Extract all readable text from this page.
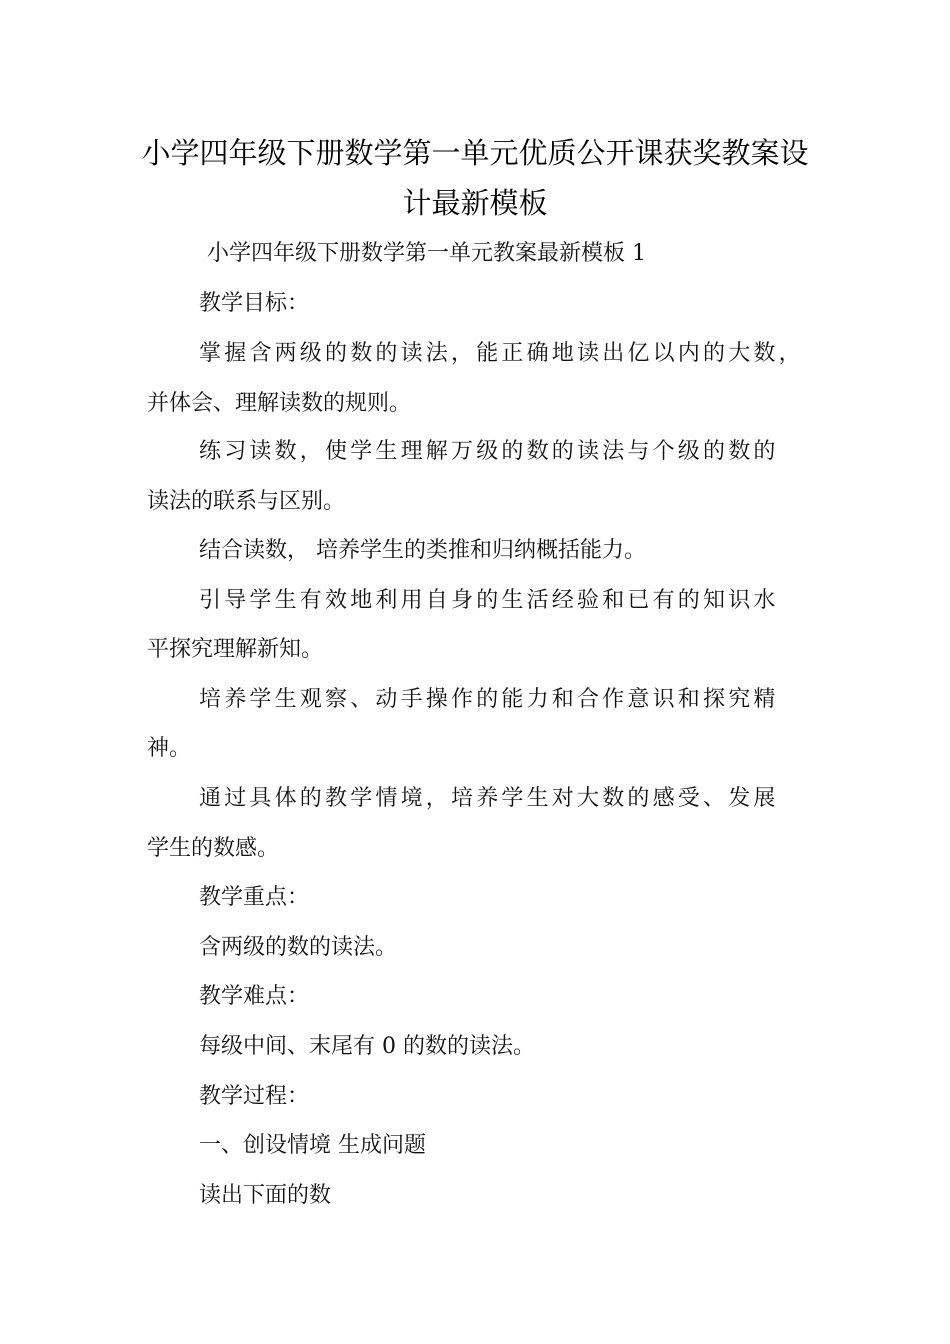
小学四年级下册数学第一单元优质公开课获奖教案设
计最新模板
小学四年级下册数学第一单元教案最新模板 1
教学目标：
掌握含两级的数的读法，能正确地读出亿以内的大数，
并体会、理解读数的规则。
练习读数，使学生理解万级的数的读法与个级的数的
读法的联系与区别。
结合读数， 培养学生的类推和归纳概括能力。
引导学生有效地利用自身的生活经验和已有的知识水
平探究理解新知。
培养学生观察、动手操作的能力和合作意识和探究精
神。
通过具体的教学情境，培养学生对大数的感受、发展
学生的数感。
教学重点：
含两级的数的读法。
教学难点：
每级中间、末尾有 0 的数的读法。
教学过程：
一、创设情境 生成问题
读出下面的数
